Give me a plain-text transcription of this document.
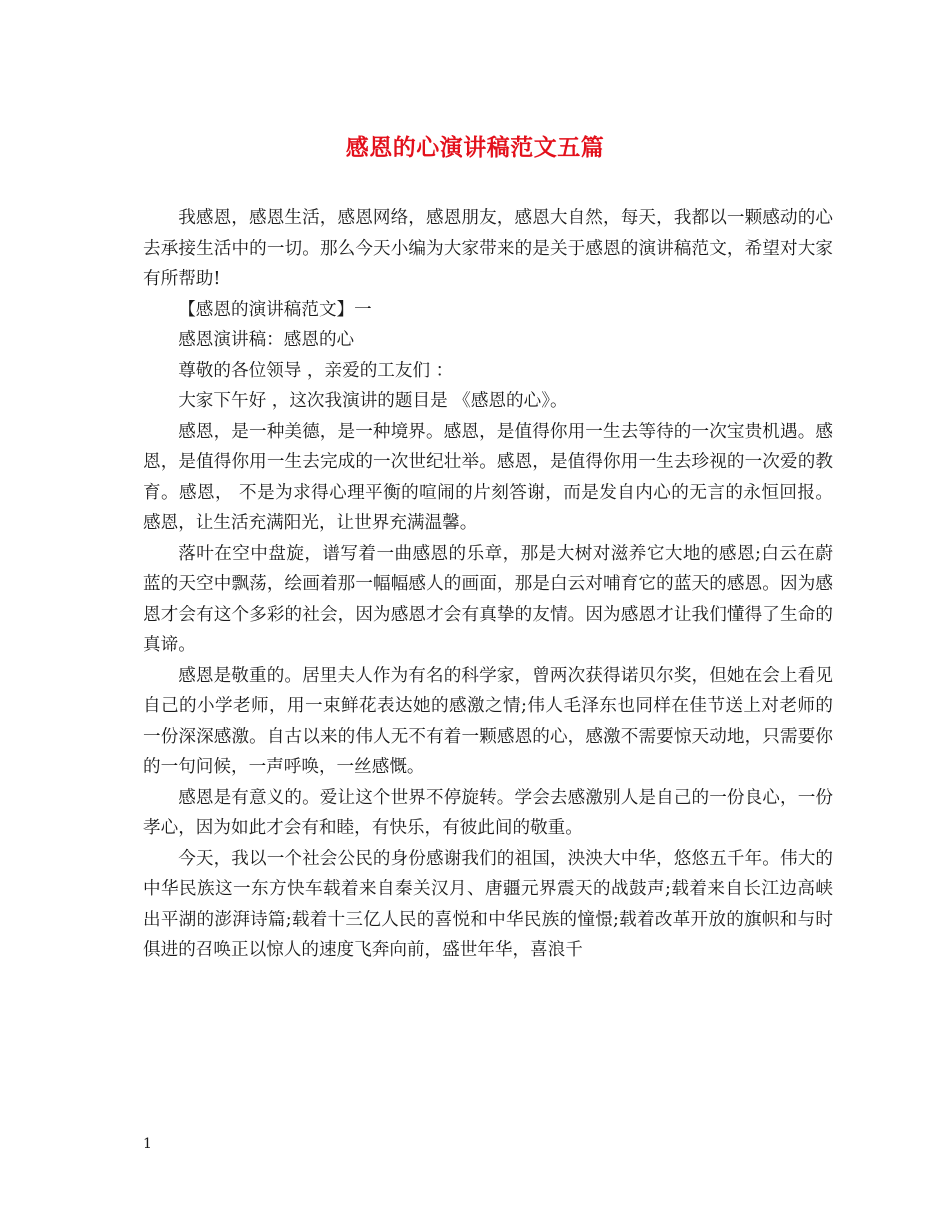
感恩的心演讲稿范文五篇

我感恩，感恩生活，感恩网络，感恩朋友，感恩大自然，每天，我都以一颗感动的心去承接生活中的一切。那么今天小编为大家带来的是关于感恩的演讲稿范文，希望对大家有所帮助!

【感恩的演讲稿范文】一

感恩演讲稿：感恩的心

尊敬的各位领导 ，亲爱的工友们 ：

大家下午好 ，这次我演讲的题目是 《感恩的心》。

感恩，是一种美德，是一种境界。感恩，是值得你用一生去等待的一次宝贵机遇。感恩，是值得你用一生去完成的一次世纪壮举。感恩，是值得你用一生去珍视的一次爱的教育。感恩， 不是为求得心理平衡的喧闹的片刻答谢，而是发自内心的无言的永恒回报。感恩，让生活充满阳光，让世界充满温馨。

落叶在空中盘旋，谱写着一曲感恩的乐章，那是大树对滋养它大地的感恩;白云在蔚蓝的天空中飘荡，绘画着那一幅幅感人的画面，那是白云对哺育它的蓝天的感恩。因为感恩才会有这个多彩的社会，因为感恩才会有真挚的友情。因为感恩才让我们懂得了生命的真谛。

感恩是敬重的。居里夫人作为有名的科学家，曾两次获得诺贝尔奖，但她在会上看见自己的小学老师，用一束鲜花表达她的感激之情;伟人毛泽东也同样在佳节送上对老师的一份深深感激。自古以来的伟人无不有着一颗感恩的心，感激不需要惊天动地，只需要你的一句问候，一声呼唤，一丝感慨。

感恩是有意义的。爱让这个世界不停旋转。学会去感激别人是自己的一份良心，一份孝心，因为如此才会有和睦，有快乐，有彼此间的敬重。

今天，我以一个社会公民的身份感谢我们的祖国，泱泱大中华，悠悠五千年。伟大的中华民族这一东方快车载着来自秦关汉月、唐疆元界震天的战鼓声;载着来自长江边高峡出平湖的澎湃诗篇;载着十三亿人民的喜悦和中华民族的憧憬;载着改革开放的旗帜和与时俱进的召唤正以惊人的速度飞奔向前，盛世年华，喜浪千

1
